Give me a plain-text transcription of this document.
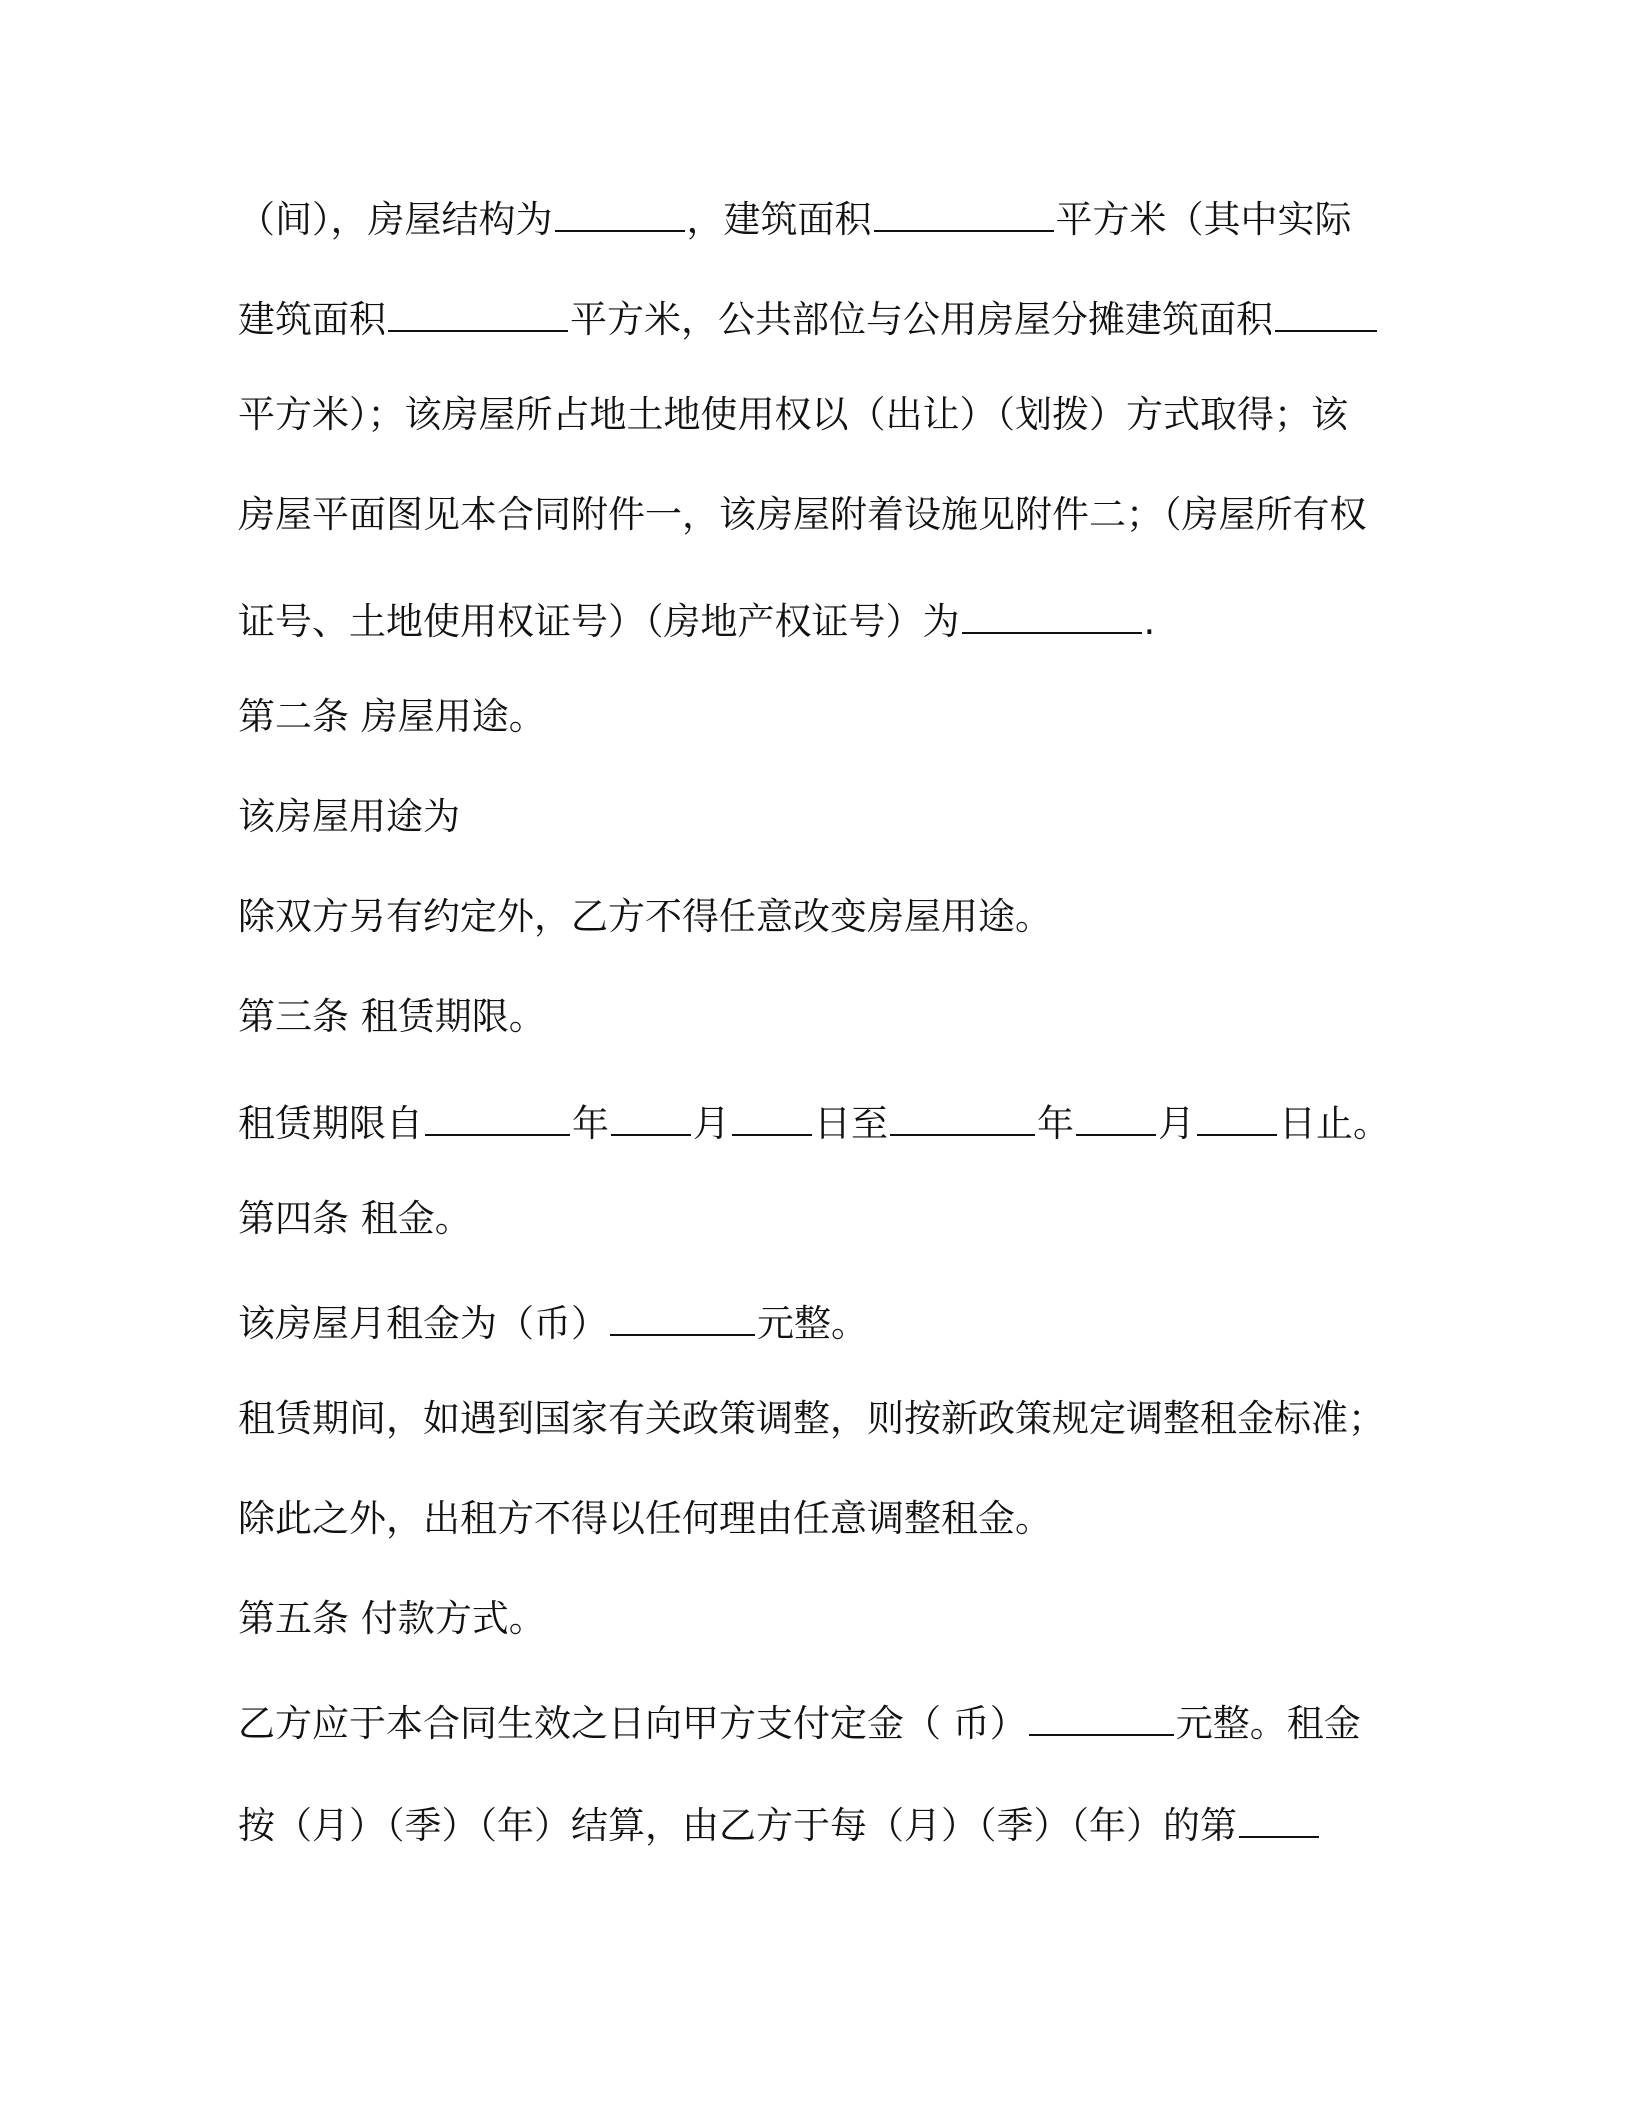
（间），房屋结构为	，建筑面积	平方米（其中实际
建筑面积	平方米，公共部位与公用房屋分摊建筑面积
平方米）；该房屋所占地土地使用权以（出让）（划拨）方式取得；该
房屋平面图见本合同附件一，该房屋附着设施见附件二；（房屋所有权
证号、土地使用权证号）（房地产权证号）为	.
第二条 房屋用途。
该房屋用途为
除双方另有约定外，乙方不得任意改变房屋用途。
第三条 租赁期限。
租赁期限自	年 月 日至	年 月 日止。
第四条 租金。
该房屋月租金为（币）	元整。
租赁期间，如遇到国家有关政策调整，则按新政策规定调整租金标准；
除此之外，出租方不得以任何理由任意调整租金。
第五条 付款方式。
乙方应于本合同生效之日向甲方支付定金（ 币）	元整。租金
按（月）（季）（年）结算，由乙方于每（月）（季）（年）的第
